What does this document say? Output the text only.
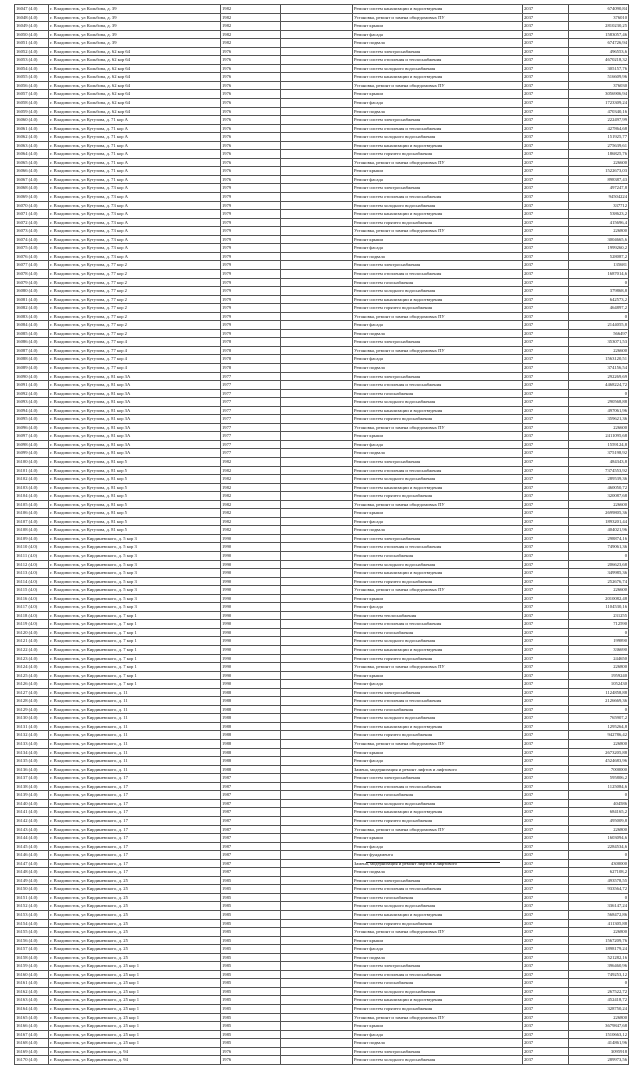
16047 (4.0)	г. Владивосток, ул Кольбова, д. 39	1982		Ремонт систем канализации и водоотведения	2037	674090,84
16048 (4.0)	г. Владивосток, ул Кольбова, д. 39	1982		Установка, ремонт и замена общедомовых ПУ	2037	376010
16049 (4.0)	г. Владивосток, ул Кольбова, д. 39	1982		Ремонт крыши	2037	2810230,25
16050 (4.0)	г. Владивосток, ул Кольбова, д. 39	1982		Ремонт фасада	2037	1583057,46
16051 (4.0)	г. Владивосток, ул Кольбова, д. 39	1982		Ремонт подвала	2037	674726,94
16052 (4.0)	г. Владивосток, ул Кольбова, д. 62 кор 64	1976		Ремонт систем электроснабжения	2037	496553,6
16053 (4.0)	г. Владивосток, ул Кольбова, д. 62 кор 64	1976		Ремонт систем отопления и теплоснабжения	2037	4670218,32
16054 (4.0)	г. Владивосток, ул Кольбова, д. 62 кор 64	1976		Ремонт систем холодного водоснабжения	2037	305157,76
16055 (4.0)	г. Владивосток, ул Кольбова, д. 62 кор 64	1976		Ремонт систем канализации и водоотведения	2037	516609,96
16056 (4.0)	г. Владивосток, ул Кольбова, д. 62 кор 64	1976		Установка, ремонт и замена общедомовых ПУ	2037	376030
16057 (4.0)	г. Владивосток, ул Кольбова, д. 62 кор 64	1976		Ремонт крыши	2037	3056906,94
16058 (4.0)	г. Владивосток, ул Кольбова, д. 62 кор 64	1976		Ремонт фасада	2037	1723309,24
16059 (4.0)	г. Владивосток, ул Кольбова, д. 62 кор 64	1976		Ремонт подвала	2037	470340,16
16060 (4.0)	г. Владивосток, ул Кутузова, д. 71 кор А	1976		Ремонт систем электроснабжения	2037	222497,99
16061 (4.0)	г. Владивосток, ул Кутузова, д. 71 кор А	1976		Ремонт систем отопления и теплоснабжения	2037	427864,68
16062 (4.0)	г. Владивосток, ул Кутузова, д. 71 кор А	1976		Ремонт систем холодного водоснабжения	2037	151925,77
16063 (4.0)	г. Владивосток, ул Кутузова, д. 71 кор А	1976		Ремонт систем канализации и водоотведения	2037	275639,61
16064 (4.0)	г. Владивосток, ул Кутузова, д. 71 кор А	1976		Ремонт систем горячего водоснабжения	2037	186825,76
16065 (4.0)	г. Владивосток, ул Кутузова, д. 71 кор А	1976		Установка, ремонт и замена общедомовых ПУ	2037	226600
16066 (4.0)	г. Владивосток, ул Кутузова, д. 71 кор А	1976		Ремонт крыши	2037	1522673,03
16067 (4.0)	г. Владивосток, ул Кутузова, д. 71 кор А	1976		Ремонт фасада	2037	898387,43
16068 (4.0)	г. Владивосток, ул Кутузова, д. 73 кор А	1979		Ремонт систем электроснабжения	2037	497247,8
16069 (4.0)	г. Владивосток, ул Кутузова, д. 73 кор А	1979		Ремонт систем отопления и теплоснабжения	2037	94504224
16070 (4.0)	г. Владивосток, ул Кутузова, д. 73 кор А	1979		Ремонт систем холодного водоснабжения	2037	337712
16071 (4.0)	г. Владивосток, ул Кутузова, д. 73 кор А	1979		Ремонт систем канализации и водоотведения	2037	538623,2
16072 (4.0)	г. Владивосток, ул Кутузова, д. 73 кор А	1979		Ремонт систем горячего водоснабжения	2037	415696,4
16073 (4.0)	г. Владивосток, ул Кутузова, д. 73 кор А	1979		Установка, ремонт и замена общедомовых ПУ	2037	226800
16074 (4.0)	г. Владивосток, ул Кутузова, д. 73 кор А	1979		Ремонт крыши	2037	3004665,6
16075 (4.0)	г. Владивосток, ул Кутузова, д. 73 кор А	1979		Ремонт фасада	2037	1999260,2
16076 (4.0)	г. Владивосток, ул Кутузова, д. 73 кор А	1979		Ремонт подвала	2037	528087,2
16077 (4.0)	г. Владивосток, ул Кутузова, д. 77 кор 2	1979		Ремонт систем электроснабжения	2037	135681
16078 (4.0)	г. Владивосток, ул Кутузова, д. 77 кор 2	1979		Ремонт систем отопления и теплоснабжения	2037	1687014,6
16079 (4.0)	г. Владивосток, ул Кутузова, д. 77 кор 2	1979		Ремонт систем газоснабжения	2037	0
16080 (4.0)	г. Владивосток, ул Кутузова, д. 77 кор 2	1979		Ремонт систем холодного водоснабжения	2037	379868,8
16081 (4.0)	г. Владивосток, ул Кутузова, д. 77 кор 2	1979		Ремонт систем канализации и водоотведения	2037	642573,2
16082 (4.0)	г. Владивосток, ул Кутузова, д. 77 кор 2	1979		Ремонт систем горячего водоснабжения	2037	464897,2
16083 (4.0)	г. Владивосток, ул Кутузова, д. 77 кор 2	1979		Установка, ремонт и замена общедомовых ПУ	2037	0
16084 (4.0)	г. Владивосток, ул Кутузова, д. 77 кор 2	1979		Ремонт фасада	2037	2144055,8
16085 (4.0)	г. Владивосток, ул Кутузова, д. 77 кор 2	1979		Ремонт подвала	2037	566497
16086 (4.0)	г. Владивосток, ул Кутузова, д. 77 кор 4	1978		Ремонт систем электроснабжения	2037	353071,53
16087 (4.0)	г. Владивосток, ул Кутузова, д. 77 кор 4	1978		Установка, ремонт и замена общедомовых ПУ	2037	226600
16088 (4.0)	г. Владивосток, ул Кутузова, д. 77 кор 4	1978		Ремонт фасада	2037	1563120,51
16089 (4.0)	г. Владивосток, ул Кутузова, д. 77 кор 4	1978		Ремонт подвала	2037	374156,54
16090 (4.0)	г. Владивосток, ул Кутузова, д. 81 кор 3А	1977		Ремонт систем электроснабжения	2037	292269,69
16091 (4.0)	г. Владивосток, ул Кутузова, д. 81 кор 3А	1977		Ремонт систем отопления и теплоснабжения	2037	4468224,72
16092 (4.0)	г. Владивосток, ул Кутузова, д. 81 кор 3А	1977		Ремонт систем газоснабжения	2037	0
16093 (4.0)	г. Владивосток, ул Кутузова, д. 81 кор 3А	1977		Ремонт систем холодного водоснабжения	2037	290568,88
16094 (4.0)	г. Владивосток, ул Кутузова, д. 81 кор 3А	1977		Ремонт систем канализации и водоотведения	2037	497061,96
16095 (4.0)	г. Владивосток, ул Кутузова, д. 81 кор 3А	1977		Ремонт систем горячего водоснабжения	2037	359621,36
16096 (4.0)	г. Владивосток, ул Кутузова, д. 81 кор 3А	1977		Установка, ремонт и замена общедомовых ПУ	2037	226600
16097 (4.0)	г. Владивосток, ул Кутузова, д. 81 кор 3А	1977		Ремонт крыши	2037	2411095,68
16098 (4.0)	г. Владивосток, ул Кутузова, д. 81 кор 3А	1977		Ремонт фасада	2037	1559124,8
16099 (4.0)	г. Владивосток, ул Кутузова, д. 81 кор 3А	1977		Ремонт подвала	2037	375198,92
16100 (4.0)	г. Владивосток, ул Кутузова, д. 81 кор 5	1982		Ремонт систем электроснабжения	2037	484343,8
16101 (4.0)	г. Владивосток, ул Кутузова, д. 81 кор 5	1982		Ремонт систем отопления и теплоснабжения	2037	7374553,92
16102 (4.0)	г. Владивосток, ул Кутузова, д. 81 кор 5	1982		Ремонт систем холодного водоснабжения	2037	289539,36
16103 (4.0)	г. Владивосток, ул Кутузова, д. 81 кор 5	1982		Ремонт систем канализации и водоотведения	2037	460050,72
16104 (4.0)	г. Владивосток, ул Кутузова, д. 81 кор 5	1982		Ремонт систем горячего водоснабжения	2037	320087,68
16105 (4.0)	г. Владивосток, ул Кутузова, д. 81 кор 5	1982		Установка, ремонт и замена общедомовых ПУ	2037	226600
16106 (4.0)	г. Владивосток, ул Кутузова, д. 81 кор 5	1982		Ремонт крыши	2037	2699805,36
16107 (4.0)	г. Владивосток, ул Кутузова, д. 81 кор 5	1982		Ремонт фасада	2037	1893201,44
16108 (4.0)	г. Владивосток, ул Кутузова, д. 81 кор 5	1982		Ремонт подвала	2037	404021,96
16109 (4.0)	г. Владивосток, ул Кирдиневского, д. 5 кор 3	1990		Ремонт систем электроснабжения	2037	298874,16
16110 (4.0)	г. Владивосток, ул Кирдиневского, д. 5 кор 3	1990		Ремонт систем отопления и теплоснабжения	2037	749061,36
16111 (4.0)	г. Владивосток, ул Кирдиневского, д. 5 кор 3	1990		Ремонт систем газоснабжения	2037	0
16112 (4.0)	г. Владивосток, ул Кирдиневского, д. 5 кор 3	1990		Ремонт систем холодного водоснабжения	2037	206623,68
16113 (4.0)	г. Владивосток, ул Кирдиневского, д. 5 кор 3	1990		Ремонт систем канализации и водоотведения	2037	349985,36
16114 (4.0)	г. Владивосток, ул Кирдиневского, д. 5 кор 3	1990		Ремонт систем горячего водоснабжения	2037	252676,74
16115 (4.0)	г. Владивосток, ул Кирдиневского, д. 5 кор 3	1990		Установка, ремонт и замена общедомовых ПУ	2037	226600
16116 (4.0)	г. Владивосток, ул Кирдиневского, д. 5 кор 3	1990		Ремонт крыши	2037	2010082,48
16117 (4.0)	г. Владивосток, ул Кирдиневского, д. 5 кор 3	1990		Ремонт фасада	2037	1104530,16
16118 (4.0)	г. Владивосток, ул Кирдиневского, д. 7 кор 1	1990		Ремонт систем теплоснабжения	2037	231255
16119 (4.0)	г. Владивосток, ул Кирдиневского, д. 7 кор 1	1990		Ремонт систем отопления и теплоснабжения	2037	712590
16120 (4.0)	г. Владивосток, ул Кирдиневского, д. 7 кор 1	1990		Ремонт систем газоснабжения	2037	0
16121 (4.0)	г. Владивосток, ул Кирдиневского, д. 7 кор 1	1990		Ремонт систем холодного водоснабжения	2037	199890
16122 (4.0)	г. Владивосток, ул Кирдиневского, д. 7 кор 1	1990		Ремонт систем канализации и водоотведения	2037	336690
16123 (4.0)	г. Владивосток, ул Кирдиневского, д. 7 кор 1	1990		Ремонт систем горячего водоснабжения	2037	244650
16124 (4.0)	г. Владивосток, ул Кирдиневского, д. 7 кор 1	1990		Установка, ремонт и замена общедомовых ПУ	2037	226800
16125 (4.0)	г. Владивосток, ул Кирдиневского, д. 7 кор 1	1990		Ремонт крыши	2037	1959240
16126 (4.0)	г. Владивосток, ул Кирдиневского, д. 7 кор 1	1990		Ремонт фасада	2037	1052430
16127 (4.0)	г. Владивосток, ул Кирдиневского, д. 11	1988		Ремонт систем электроснабжения	2037	1124858,88
16128 (4.0)	г. Владивосток, ул Кирдиневского, д. 11	1988		Ремонт систем отопления и теплоснабжения	2037	2126669,36
16129 (4.0)	г. Владивосток, ул Кирдиневского, д. 11	1988		Ремонт систем газоснабжения	2037	0
16130 (4.0)	г. Владивосток, ул Кирдиневского, д. 11	1988		Ремонт систем холодного водоснабжения	2037	765907,2
16131 (4.0)	г. Владивосток, ул Кирдиневского, д. 11	1988		Ремонт систем канализации и водоотведения	2037	1295264,8
16132 (4.0)	г. Владивосток, ул Кирдиневского, д. 11	1988		Ремонт систем горячего водоснабжения	2037	942786,42
16133 (4.0)	г. Владивосток, ул Кирдиневского, д. 11	1988		Установка, ремонт и замена общедомовых ПУ	2037	226800
16134 (4.0)	г. Владивосток, ул Кирдиневского, д. 11	1988		Ремонт крыши	2037	2673205,88
16135 (4.0)	г. Владивосток, ул Кирдиневского, д. 11	1988		Ремонт фасада	2037	4524683,96
16136 (4.0)	г. Владивосток, ул Кирдиневского, д. 11	1988		Замена, модернизация и ремонт лифтов и лифтового	2037	7000000
16137 (4.0)	г. Владивосток, ул Кирдиневского, д. 17	1987		Ремонт систем электроснабжения	2037	595806,2
16138 (4.0)	г. Владивосток, ул Кирдиневского, д. 17	1987		Ремонт систем отопления и теплоснабжения	2037	1125084,6
16139 (4.0)	г. Владивосток, ул Кирдиневского, д. 17	1987		Ремонт систем газоснабжения	2037	0
16140 (4.0)	г. Владивосток, ул Кирдиневского, д. 17	1987		Ремонт систем холодного водоснабжения	2037	404586
16141 (4.0)	г. Владивосток, ул Кирдиневского, д. 17	1987		Ремонт систем канализации и водоотведения	2037	684165,2
16142 (4.0)	г. Владивосток, ул Кирдиневского, д. 17	1987		Ремонт систем горячего водоснабжения	2037	495009,8
16143 (4.0)	г. Владивосток, ул Кирдиневского, д. 17	1987		Установка, ремонт и замена общедомовых ПУ	2037	226800
16144 (4.0)	г. Владивосток, ул Кирдиневского, д. 17	1987		Ремонт крыши	2037	1603094,6
16145 (4.0)	г. Владивосток, ул Кирдиневского, д. 17	1987		Ремонт фасада	2037	2284534,6
16146 (4.0)	г. Владивосток, ул Кирдиневского, д. 17	1987		Ремонт фундамента	2037	0
16147 (4.0)	г. Владивосток, ул Кирдиневского, д. 17	1987		Замена, модернизация и ремонт лифтов и лифтового	2037	4300000
16148 (4.0)	г. Владивосток, ул Кирдиневского, д. 17	1987		Ремонт подвала	2037	627108,2
16149 (4.0)	г. Владивосток, ул Кирдиневского, д. 25	1985		Ремонт систем электроснабжения	2037	493578,55
16150 (4.0)	г. Владивосток, ул Кирдиневского, д. 25	1985		Ремонт систем отопления и теплоснабжения	2037	933564,72
16151 (4.0)	г. Владивосток, ул Кирдиневского, д. 25	1985		Ремонт систем газоснабжения	2037	0
16152 (4.0)	г. Владивосток, ул Кирдиневского, д. 25	1985		Ремонт систем холодного водоснабжения	2037	336147,24
16153 (4.0)	г. Владивосток, ул Кирдиневского, д. 25	1985		Ремонт систем канализации и водоотведения	2037	568472,86
16154 (4.0)	г. Владивосток, ул Кирдиневского, д. 25	1985		Ремонт систем горячего водоснабжения	2037	411305,88
16155 (4.0)	г. Владивосток, ул Кирдиневского, д. 25	1985		Установка, ремонт и замена общедомовых ПУ	2037	226800
16156 (4.0)	г. Владивосток, ул Кирдиневского, д. 25	1985		Ремонт крыши	2037	1567209,76
16157 (4.0)	г. Владивосток, ул Кирдиневского, д. 25	1985		Ремонт фасада	2037	1898179,24
16158 (4.0)	г. Владивосток, ул Кирдиневского, д. 25	1985		Ремонт подвала	2037	521282,16
16159 (4.0)	г. Владивосток, ул Кирдиневского, д. 25 кор 1	1985		Ремонт систем электроснабжения	2037	396460,96
16160 (4.0)	г. Владивосток, ул Кирдиневского, д. 25 кор 1	1985		Ремонт систем отопления и теплоснабжения	2037	749253,12
16161 (4.0)	г. Владивосток, ул Кирдиневского, д. 25 кор 1	1985		Ремонт систем газоснабжения	2037	0
16162 (4.0)	г. Владивосток, ул Кирдиневского, д. 25 кор 1	1985		Ремонт систем холодного водоснабжения	2037	267522,72
16163 (4.0)	г. Владивосток, ул Кирдиневского, д. 25 кор 1	1985		Ремонт систем канализации и водоотведения	2037	452418,72
16164 (4.0)	г. Владивосток, ул Кирдиневского, д. 25 кор 1	1985		Ремонт систем горячего водоснабжения	2037	328750,24
16165 (4.0)	г. Владивосток, ул Кирдиневского, д. 25 кор 1	1985		Установка, ремонт и замена общедомовых ПУ	2037	226800
16166 (4.0)	г. Владивосток, ул Кирдиневского, д. 25 кор 1	1985		Ремонт крыши	2037	3679847,68
16167 (4.0)	г. Владивосток, ул Кирдиневского, д. 25 кор 1	1985		Ремонт фасада	2037	1510663,12
16168 (4.0)	г. Владивосток, ул Кирдиневского, д. 25 кор 1	1985		Ремонт подвала	2037	414861,96
16169 (4.0)	г. Владивосток, ул Кирдиневского, д. 94	1976		Ремонт систем электроснабжения	2037	3095918
16170 (4.0)	г. Владивосток, ул Кирдиневского, д. 94	1976		Ремонт систем холодного водоснабжения	2037	289973,56
